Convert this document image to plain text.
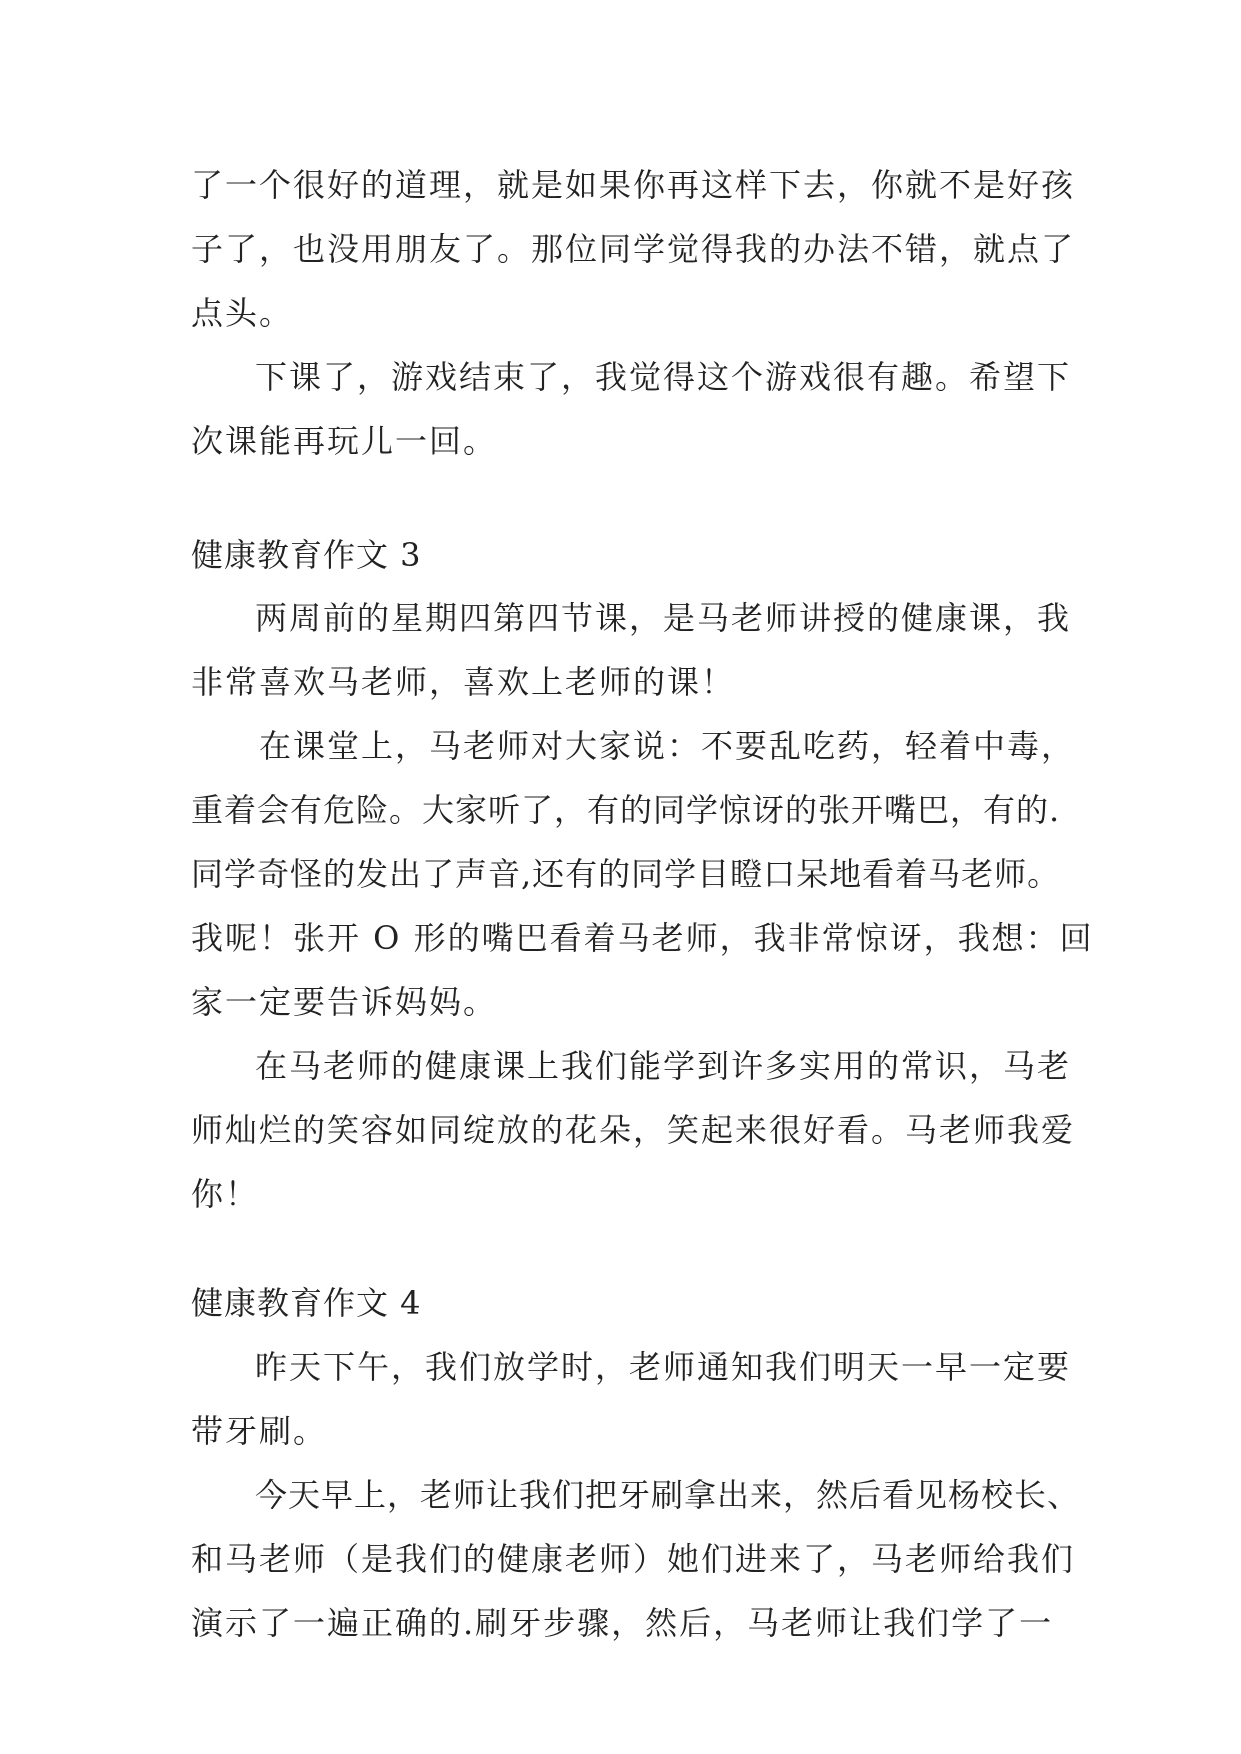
了一个很好的道理，就是如果你再这样下去，你就不是好孩
子了，也没用朋友了。那位同学觉得我的办法不错，就点了
点头。
下课了，游戏结束了，我觉得这个游戏很有趣。希望下
次课能再玩儿一回。
健康教育作文 3
两周前的星期四第四节课，是马老师讲授的健康课，我
非常喜欢马老师，喜欢上老师的课！
在课堂上，马老师对大家说：不要乱吃药，轻着中毒，
重着会有危险。大家听了，有的同学惊讶的张开嘴巴，有的.
同学奇怪的发出了声音,还有的同学目瞪口呆地看着马老师。
我呢！张开 O 形的嘴巴看着马老师，我非常惊讶，我想：回
家一定要告诉妈妈。
在马老师的健康课上我们能学到许多实用的常识，马老
师灿烂的笑容如同绽放的花朵，笑起来很好看。马老师我爱
你！
健康教育作文 4
昨天下午，我们放学时，老师通知我们明天一早一定要
带牙刷。
今天早上，老师让我们把牙刷拿出来，然后看见杨校长、
和马老师（是我们的健康老师）她们进来了，马老师给我们
演示了一遍正确的.刷牙步骤，然后，马老师让我们学了一
